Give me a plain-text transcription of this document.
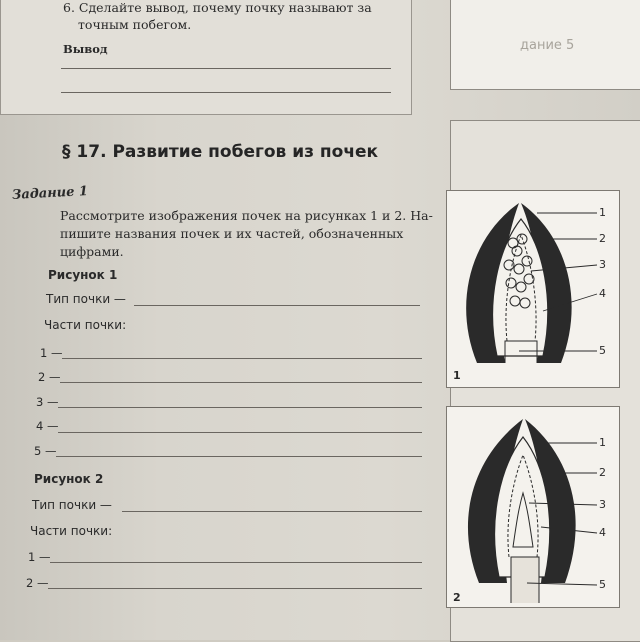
дание 5
6. Сделайте вывод, почему почку называют за
точным побегом.
Вывод
§ 17. Развитие побегов из почек
Задание 1
Рассмотрите изображения почек на рисунках 1 и 2. На-
пишите названия почек и их частей, обозначенных
цифрами.
Рисунок 1
Тип почки —
Части почки:
1 —
2 —
3 —
4 —
5 —
Рисунок 2
Тип почки —
Части почки:
1 —
2 —
1
2
3
4
5
1
1
2
3
4
5
2
